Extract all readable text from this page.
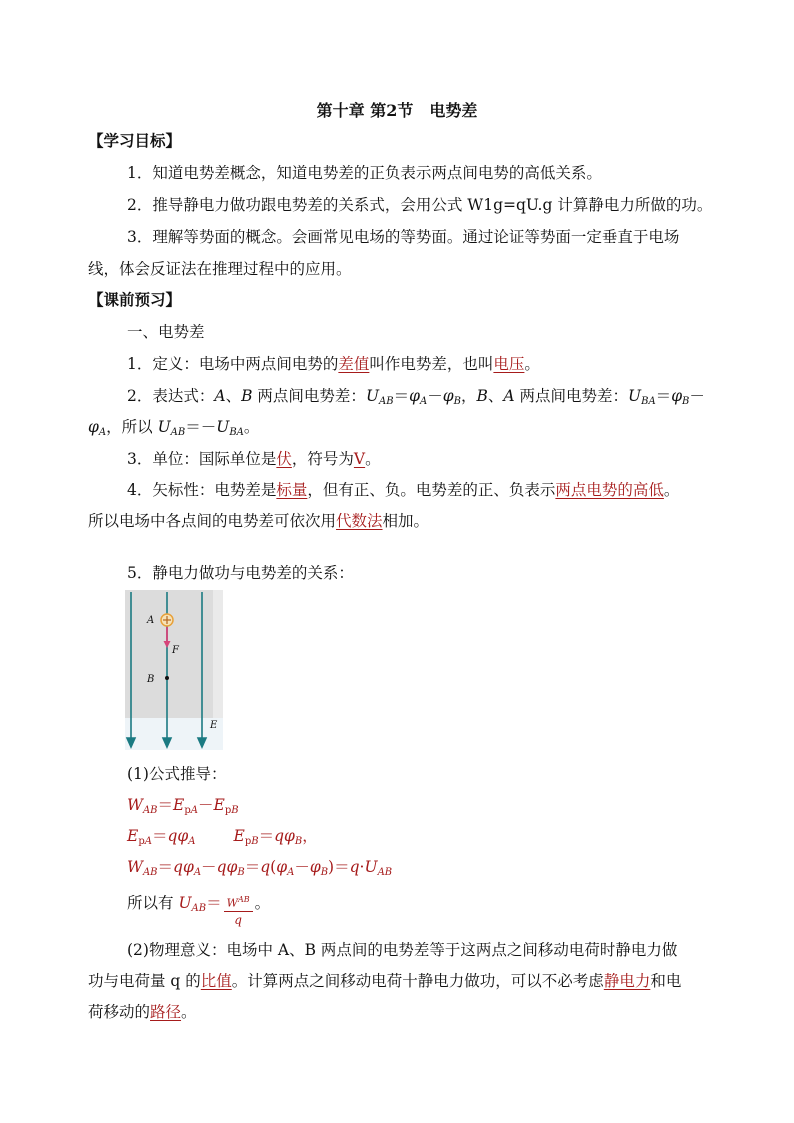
第十章 第2节　电势差
【学习目标】
1．知道电势差概念，知道电势差的正负表示两点间电势的高低关系。
2．推导静电力做功跟电势差的关系式，会用公式 W1g=qU.g 计算静电力所做的功。
3．理解等势面的概念。会画常见电场的等势面。通过论证等势面一定垂直于电场
线，体会反证法在推理过程中的应用。
【课前预习】
一、电势差
1．定义：电场中两点间电势的差值叫作电势差，也叫电压。
2．表达式：A、B 两点间电势差：$U_{AB}=\varphi_A-\varphi_B$，B、A 两点间电势差：$U_{BA}=\varphi_B-$
$\varphi_A$，所以 $U_{AB}=-U_{BA}$。
3．单位：国际单位是伏，符号为V。
4．矢标性：电势差是标量，但有正、负。电势差的正、负表示两点电势的高低。
所以电场中各点间的电势差可依次用代数法相加。
5．静电力做功与电势差的关系：
A
F
B
E
(1)公式推导：
$W_{AB}=E_{pA}-E_{pB}$
$E_{pA}=q\varphi_A$ $E_{pB}=q\varphi_B$，
$W_{AB}=q\varphi_A-q\varphi_B=q(\varphi_A-\varphi_B)=q\cdot U_{AB}$
所以有 $U_{AB}= \frac{W^{AB}}{q}$ 。
(2)物理意义：电场中 A、B 两点间的电势差等于这两点之间移动电荷时静电力做
功与电荷量 q 的比值。计算两点之间移动电荷十静电力做功，可以不必考虑静电力和电
荷移动的路径。
